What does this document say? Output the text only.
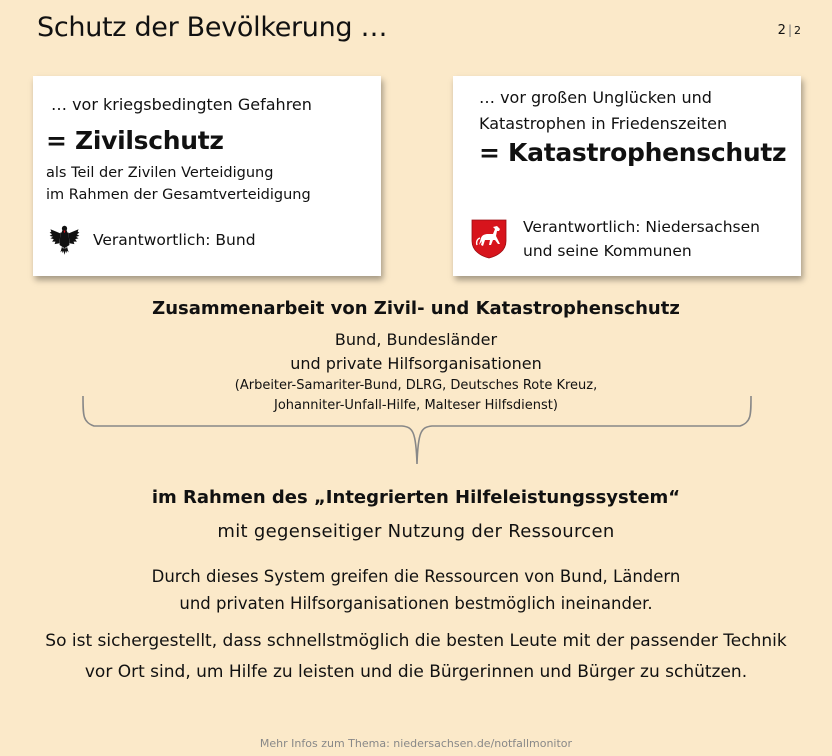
Schutz der Bevölkerung …	2 | 2
… vor kriegsbedingten Gefahren
= Zivilschutz
als Teil der Zivilen Verteidigung
im Rahmen der Gesamtverteidigung
Verantwortlich: Bund
… vor großen Unglücken und
Katastrophen in Friedenszeiten
= Katastrophenschutz
Verantwortlich: Niedersachsen
und seine Kommunen
Zusammenarbeit von Zivil- und Katastrophenschutz
Bund, Bundesländer
und private Hilfsorganisationen
(Arbeiter-Samariter-Bund, DLRG, Deutsches Rote Kreuz,
Johanniter-Unfall-Hilfe, Malteser Hilfsdienst)
im Rahmen des „Integrierten Hilfeleistungssystem“
mit gegenseitiger Nutzung der Ressourcen
Durch dieses System greifen die Ressourcen von Bund, Ländern
und privaten Hilfsorganisationen bestmöglich ineinander.
So ist sichergestellt, dass schnellstmöglich die besten Leute mit der passender Technik
vor Ort sind, um Hilfe zu leisten und die Bürgerinnen und Bürger zu schützen.
Mehr Infos zum Thema: niedersachsen.de/notfallmonitor
